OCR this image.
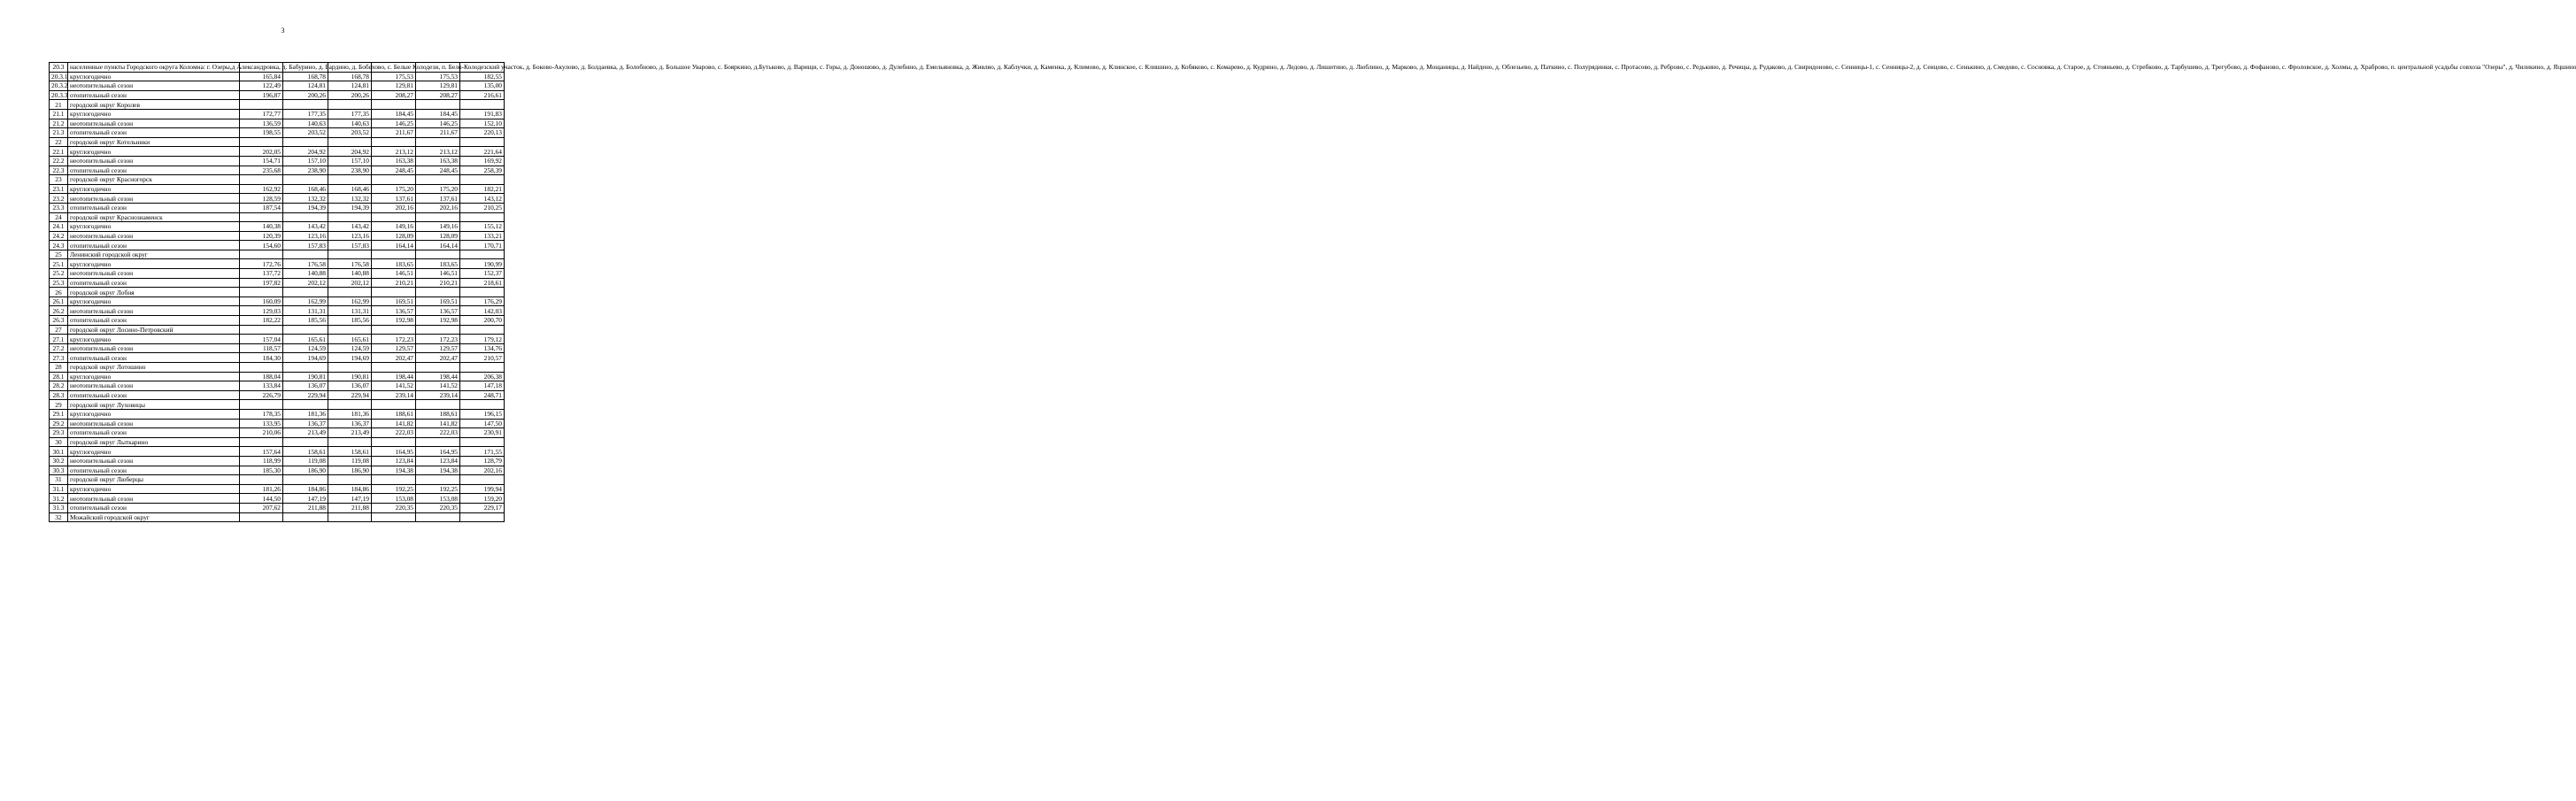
3
20.3	населенные пункты Городского округа Коломна: г. Озеры,д Александровка, д. Бабурино, д. Бардино, д. Бобехово, с. Белые Колодези, п. Бело-Колодезский участок, д. Боково-Акулово, д. Болдаевка, д. Болобново, д. Большое Уварово, с. Бояркино, д.Бутьково, д. Варищи, с. Горы, д. Доношово, д. Дулебино, д. Емельяновка, д. Живляо, д. Каблучки, д. Каменка, д. Климово, д. Клинское, с. Клишино, д. Кобяково, с. Комарево, д. Кудрино, д. Ледово, д. Лишитино, д. Люблино, д. Марково, д. Мощаницы, д. Найдено, д. Облезьево, д. Паткино, с. Полурядинки, с. Протасово, д. Реброво, с. Редькино, д. Речицы, д. Рудаково, д. Свиридоново, с. Сенницы-1, с. Сенницы-2, д. Сенцово, с. Сенькино, д. Смедово, с. Сосновка, д. Старое, д. Стояньево, д. Стребково, д. Тарбушево, д. Трегубово, д. Фофаново, с. Фроловское, д. Холмы, д. Храброво, п. центральной усадьбы совхоза "Озеры", д. Чиликино, д. Яцшино						
20.3.1	круглогодично	165,84	168,78	168,78	175,53	175,53	182,55
20.3.2	неотопительный сезон	122,49	124,81	124,81	129,81	129,81	135,00
20.3.3	отопительный сезон	196,87	200,26	200,26	208,27	208,27	216,61
21	городской округ Королев						
21.1	круглогодично	172,77	177,35	177,35	184,45	184,45	191,83
21.2	неотопительный сезон	136,59	140,63	140,63	146,25	146,25	152,10
21.3	отопительный сезон	198,55	203,52	203,52	211,67	211,67	220,13
22	городской округ Котельники						
22.1	круглогодично	202,05	204,92	204,92	213,12	213,12	221,64
22.2	неотопительный сезон	154,71	157,10	157,10	163,38	163,38	169,92
22.3	отопительный сезон	235,68	238,90	238,90	248,45	248,45	258,39
23	городской округ Красногорск						
23.1	круглогодично	162,92	168,46	168,46	175,20	175,20	182,21
23.2	неотопительный сезон	128,59	132,32	132,32	137,61	137,61	143,12
23.3	отопительный сезон	187,54	194,39	194,39	202,16	202,16	210,25
24	городской округ Краснознаменск						
24.1	круглогодично	140,38	143,42	143,42	149,16	149,16	155,12
24.2	неотопительный сезон	120,39	123,16	123,16	128,09	128,09	133,21
24.3	отопительный сезон	154,60	157,83	157,83	164,14	164,14	170,71
25	Ленинский городской округ						
25.1	круглогодично	172,76	176,58	176,58	183,65	183,65	190,99
25.2	неотопительный сезон	137,72	140,88	140,88	146,51	146,51	152,37
25.3	отопительный сезон	197,82	202,12	202,12	210,21	210,21	218,61
26	городской округ Лобня						
26.1	круглогодично	160,09	162,99	162,99	169,51	169,51	176,29
26.2	неотопительный сезон	129,03	131,31	131,31	136,57	136,57	142,03
26.3	отопительный сезон	182,22	185,56	185,56	192,98	192,98	200,70
27	городской округ Лосино-Петровский						
27.1	круглогодично	157,04	165,61	165,61	172,23	172,23	179,12
27.2	неотопительный сезон	118,57	124,59	124,59	129,57	129,57	134,76
27.3	отопительный сезон	184,30	194,69	194,69	202,47	202,47	210,57
28	городской округ Лотошино						
28.1	круглогодично	188,04	190,81	190,81	198,44	198,44	206,38
28.2	неотопительный сезон	133,84	136,07	136,07	141,52	141,52	147,18
28.3	отопительный сезон	226,79	229,94	229,94	239,14	239,14	248,71
29	городской округ Луховицы						
29.1	круглогодично	178,35	181,36	181,36	188,61	188,61	196,15
29.2	неотопительный сезон	133,95	136,37	136,37	141,82	141,82	147,50
29.3	отопительный сезон	210,06	213,49	213,49	222,03	222,03	230,91
30	городской округ Лыткарино						
30.1	круглогодично	157,64	158,61	158,61	164,95	164,95	171,55
30.2	неотопительный сезон	118,99	119,08	119,08	123,84	123,84	128,79
30.3	отопительный сезон	185,30	186,90	186,90	194,38	194,38	202,16
31	городской округ Люберцы						
31.1	круглогодично	181,26	184,86	184,86	192,25	192,25	199,94
31.2	неотопительный сезон	144,50	147,19	147,19	153,08	153,08	159,20
31.3	отопительный сезон	207,62	211,88	211,88	220,35	220,35	229,17
32	Можайский городской округ						
